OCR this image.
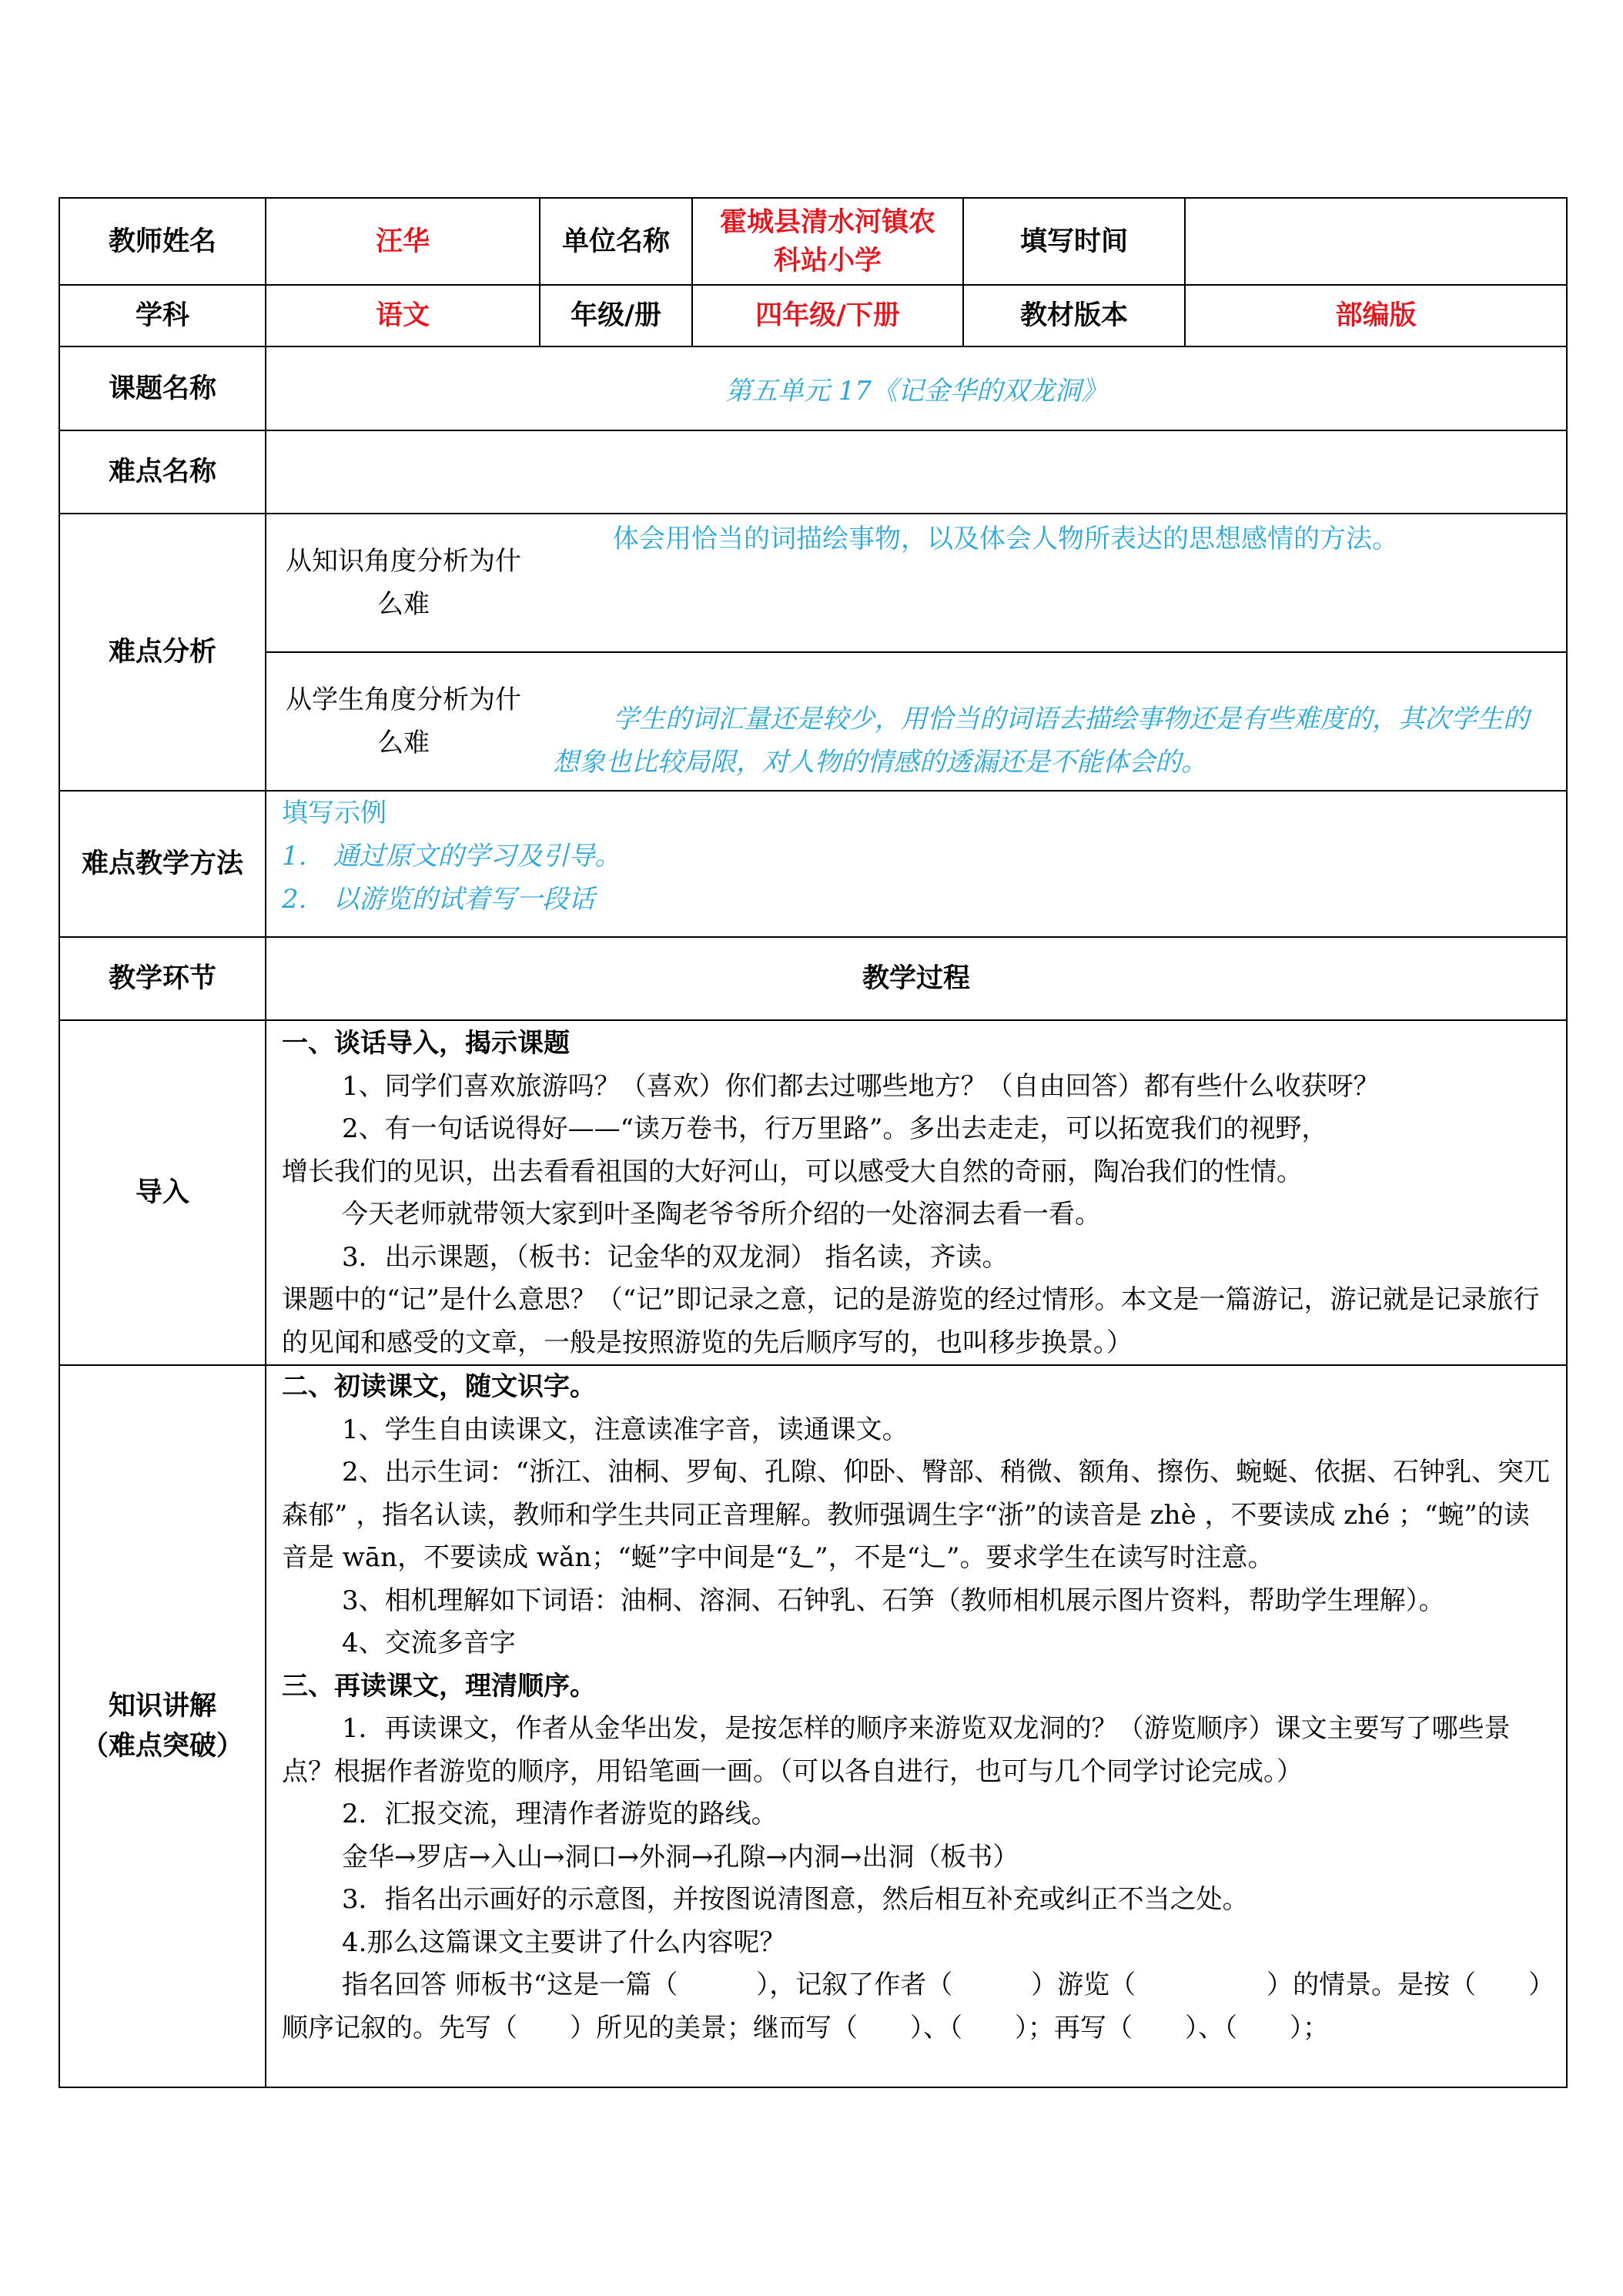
教师姓名	汪华	单位名称	霍城县清水河镇农科站小学	填写时间	
学科	语文	年级/册	四年级/下册	教材版本	部编版
课题名称	第五单元 17《记金华的双龙洞》
难点名称	
难点分析	
从知识角度分析为什么难	体会用恰当的词描绘事物，以及体会人物所表达的思想感情的方法。
从学生角度分析为什么难	学生的词汇量还是较少，用恰当的词语去描绘事物还是有些难度的，其次学生的想象也比较局限，对人物的情感的透漏还是不能体会的。

难点教学方法	
填写示例
1.　通过原文的学习及引导。
2.　以游览的试着写一段话

教学环节	教学过程
导入	

一、谈话导入，揭示课题

1、同学们喜欢旅游吗？（喜欢）你们都去过哪些地方？（自由回答）都有些什么收获呀？

2、有一句话说得好——“读万卷书，行万里路”。多出去走走，可以拓宽我们的视野，

增长我们的见识，出去看看祖国的大好河山，可以感受大自然的奇丽，陶冶我们的性情。

今天老师就带领大家到叶圣陶老爷爷所介绍的一处溶洞去看一看。

3．出示课题，（板书：记金华的双龙洞） 指名读，齐读。

课题中的“记”是什么意思？（“记”即记录之意，记的是游览的经过情形。本文是一篇游记，游记就是记录旅行的见闻和感受的文章，一般是按照游览的先后顺序写的，也叫移步换景。）

知识讲解
（难点突破）

二、初读课文，随文识字。

1、学生自由读课文，注意读准字音，读通课文。

2、出示生词：“浙江、油桐、罗甸、孔隙、仰卧、臀部、稍微、额角、擦伤、蜿蜒、依据、石钟乳、突兀森郁” ，指名认读，教师和学生共同正音理解。教师强调生字“浙”的读音是 zhè ，不要读成 zhé ；“蜿”的读音是 wān，不要读成 wǎn；“蜒”字中间是“廴”，不是“辶”。要求学生在读写时注意。

3、相机理解如下词语：油桐、溶洞、石钟乳、石笋（教师相机展示图片资料，帮助学生理解）。

4、交流多音字

三、再读课文，理清顺序。

1．再读课文，作者从金华出发，是按怎样的顺序来游览双龙洞的？（游览顺序）课文主要写了哪些景点？根据作者游览的顺序，用铅笔画一画。（可以各自进行，也可与几个同学讨论完成。）

2．汇报交流，理清作者游览的路线。

金华→罗店→入山→洞口→外洞→孔隙→内洞→出洞（板书）

3．指名出示画好的示意图，并按图说清图意，然后相互补充或纠正不当之处。

4.那么这篇课文主要讲了什么内容呢？

指名回答 师板书“这是一篇（　　　），记叙了作者（　　　）游览（　　　　　）的情景。是按（　　）顺序记叙的。先写（　　）所见的美景；继而写（　　）、（　　）；再写（　　）、（　　）；
